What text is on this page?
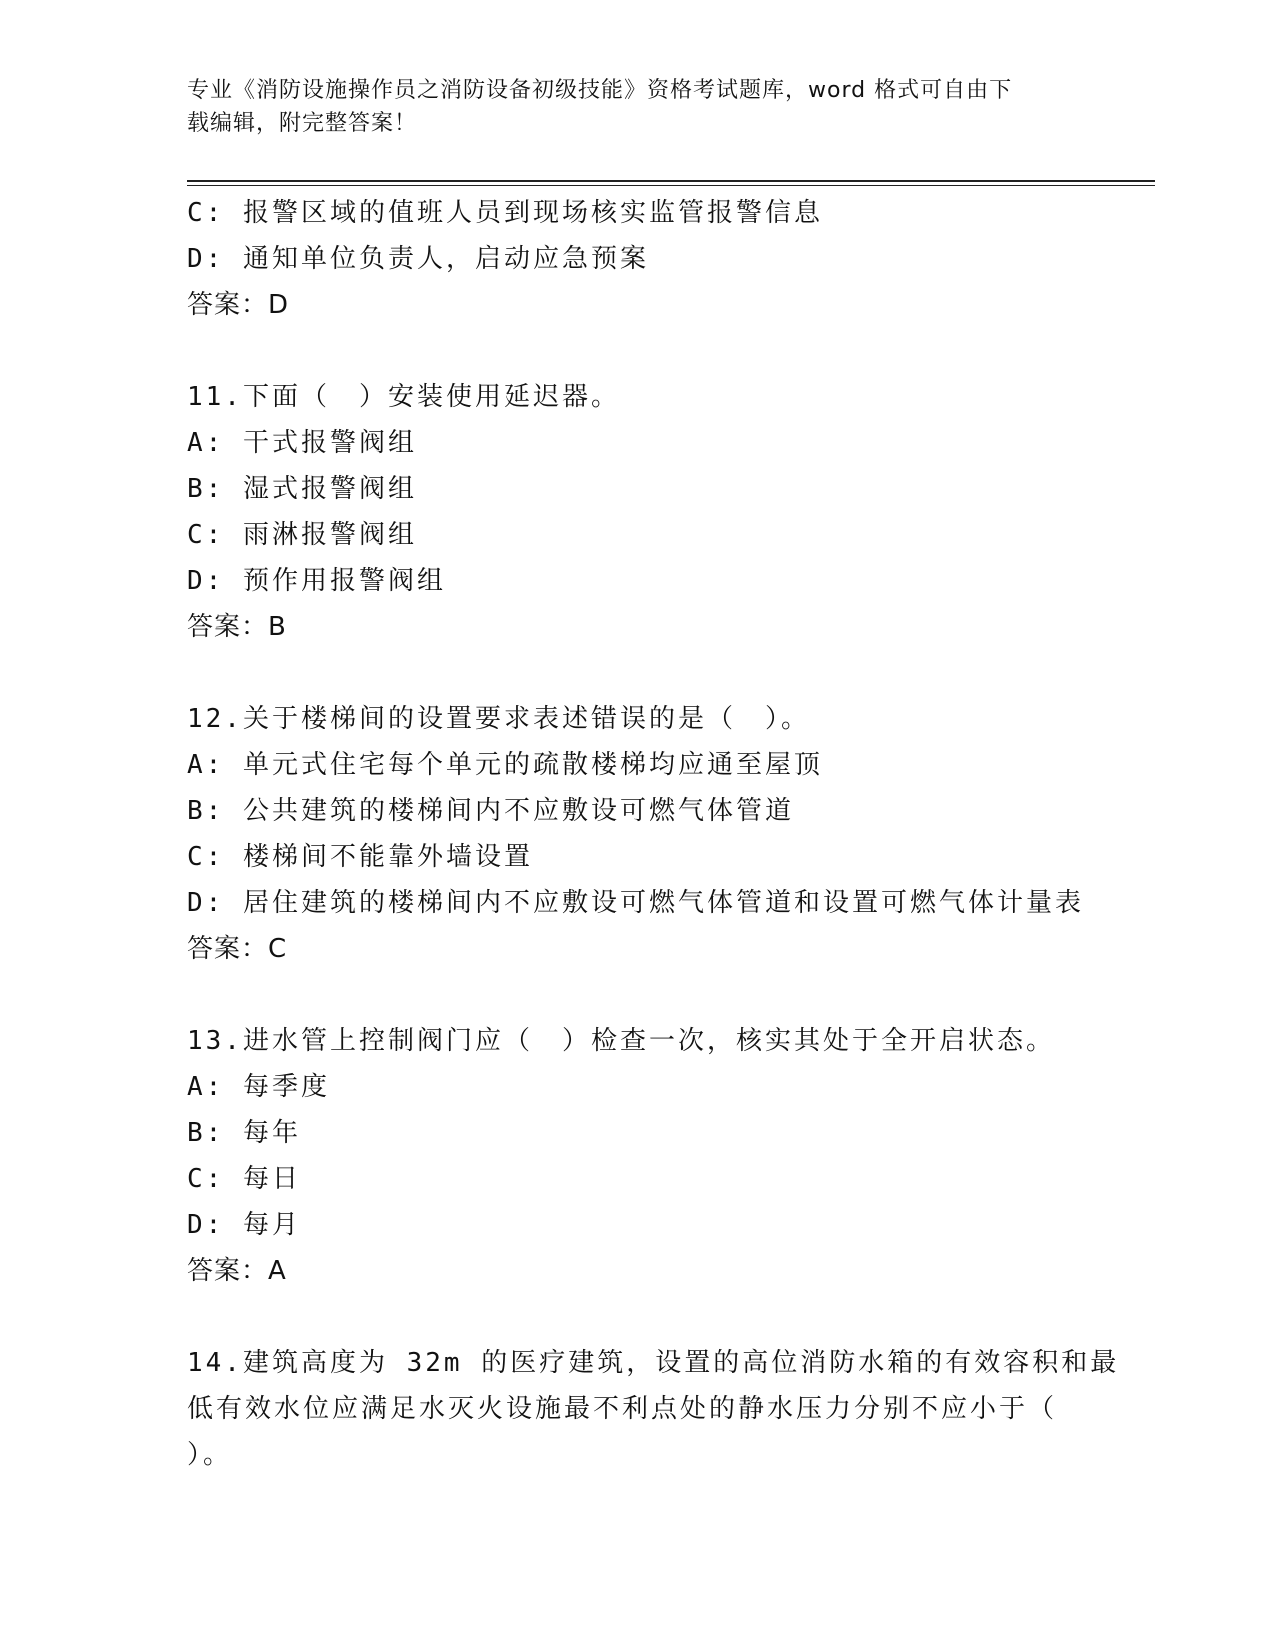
专业《消防设施操作员之消防设备初级技能》资格考试题库，word 格式可自由下
载编辑，附完整答案！
C: 报警区域的值班人员到现场核实监管报警信息
D: 通知单位负责人，启动应急预案
答案：D
11.下面（　）安装使用延迟器。
A: 干式报警阀组
B: 湿式报警阀组
C: 雨淋报警阀组
D: 预作用报警阀组
答案：B
12.关于楼梯间的设置要求表述错误的是（　）。
A: 单元式住宅每个单元的疏散楼梯均应通至屋顶
B: 公共建筑的楼梯间内不应敷设可燃气体管道
C: 楼梯间不能靠外墙设置
D: 居住建筑的楼梯间内不应敷设可燃气体管道和设置可燃气体计量表
答案：C
13.进水管上控制阀门应（　）检查一次，核实其处于全开启状态。
A: 每季度
B: 每年
C: 每日
D: 每月
答案：A
14.建筑高度为 32m 的医疗建筑，设置的高位消防水箱的有效容积和最
低有效水位应满足水灭火设施最不利点处的静水压力分别不应小于（
）。
